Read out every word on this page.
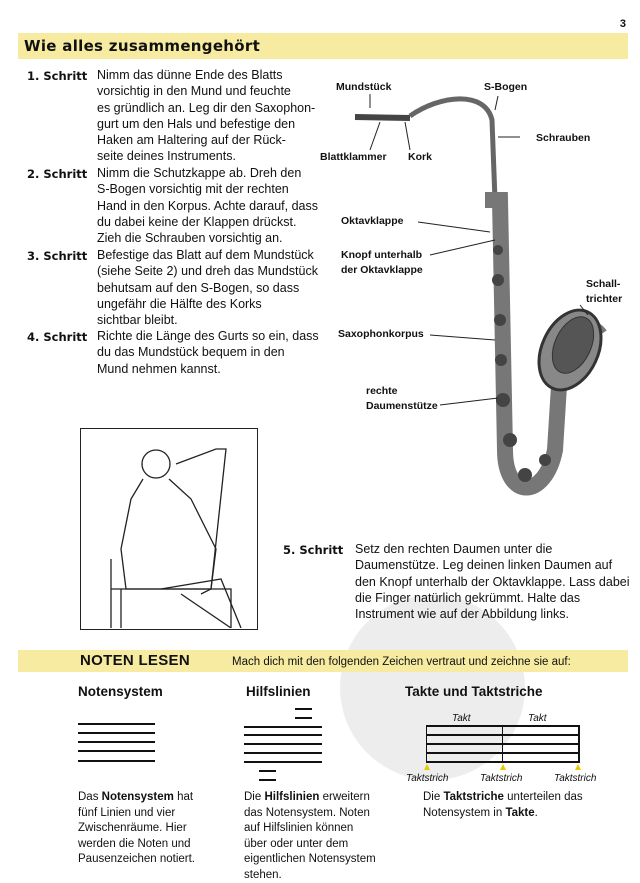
3
Wie alles zusammengehört
1. Schritt Nimm das dünne Ende des Blatts
vorsichtig in den Mund und feuchte
es gründlich an. Leg dir den Saxophon-
gurt um den Hals und befestige den
Haken am Haltering auf der Rück-
seite deines Instruments.
2. Schritt Nimm die Schutzkappe ab. Dreh den
S-Bogen vorsichtig mit der rechten
Hand in den Korpus. Achte darauf, dass
du dabei keine der Klappen drückst.
Zieh die Schrauben vorsichtig an.
3. Schritt Befestige das Blatt auf dem Mundstück
(siehe Seite 2) und dreh das Mundstück
behutsam auf den S-Bogen, so dass
ungefähr die Hälfte des Korks
sichtbar bleibt.
4. Schritt Richte die Länge des Gurts so ein, dass
du das Mundstück bequem in den
Mund nehmen kannst.
Mundstück	S-Bogen
Schrauben
Blattklammer Kork
Oktavklappe
Knopf unterhalb
der Oktavklappe
Schall-
trichter
Saxophonkorpus
rechte
Daumenstütze
5. Schritt Setz den rechten Daumen unter die
Daumenstütze. Leg deinen linken Daumen auf
den Knopf unterhalb der Oktavklappe. Lass dabei
die Finger natürlich gekrümmt. Halte das
Instrument wie auf der Abbildung links.
NOTEN LESEN	Mach dich mit den folgenden Zeichen vertraut und zeichne sie auf:
Notensystem	Hilfslinien	Takte und Taktstriche
Takt	Takt
Taktstrich	Taktstrich	Taktstrich
Das Notensystem hat fünf Linien und vier Zwischenräume. Hier werden die Noten und Pausenzeichen notiert.
Die Hilfslinien erweitern das Notensystem. Noten auf Hilfslinien können über oder unter dem eigentlichen Notensystem stehen.
Die Taktstriche unterteilen das Notensystem in Takte.
